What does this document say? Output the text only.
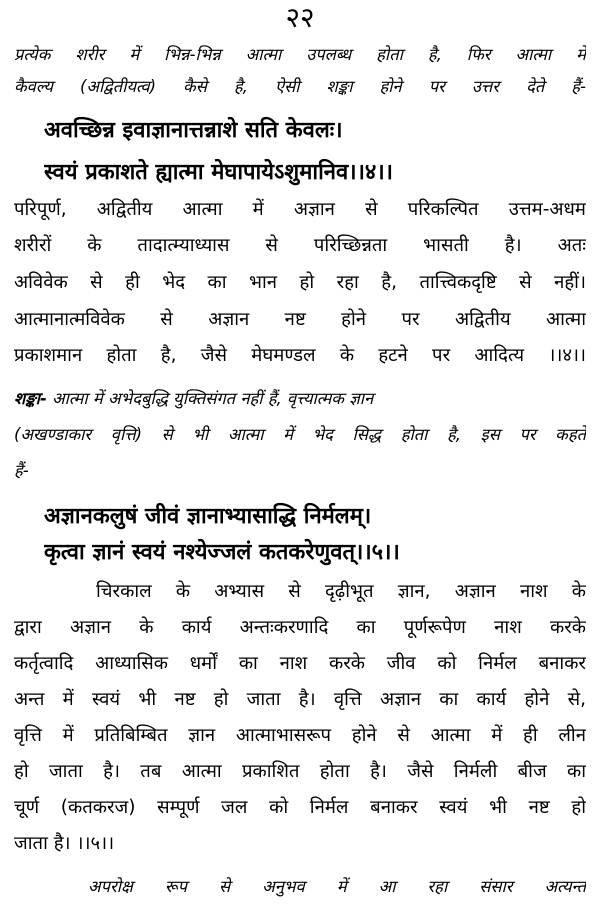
२२
प्रत्येक शरीर में भिन्न-भिन्न आत्मा उपलब्ध होता है, फिर आत्मा में
कैवल्य (अद्वितीयत्व) कैसे है, ऐसी शङ्का होने पर उत्तर देते हैं-
अवच्छिन्न इवाज्ञानात्तन्नाशे सति केवलः।
स्वयं प्रकाशते ह्यात्मा मेघापायेऽशुमानिव।।४।।
परिपूर्ण, अद्वितीय आत्मा में अज्ञान से परिकल्पित उत्तम-अधम
शरीरों के तादात्म्याध्यास से परिच्छिन्नता भासती है। अतः
अविवेक से ही भेद का भान हो रहा है, तात्त्विकदृष्टि से नहीं।
आत्मानात्मविवेक से अज्ञान नष्ट होने पर अद्वितीय आत्मा
प्रकाशमान होता है, जैसे मेघमण्डल के हटने पर आदित्य ।।४।।
शङ्का- आत्मा में अभेदबुद्धि युक्तिसंगत नहीं हैं, वृत्त्यात्मक ज्ञान
(अखण्डाकार वृत्ति) से भी आत्मा में भेद सिद्ध होता है, इस पर कहते
हैं-
अज्ञानकलुषं जीवं ज्ञानाभ्यासाद्धि निर्मलम्।
कृत्वा ज्ञानं स्वयं नश्येज्जलं कतकरेणुवत्।।५।।
चिरकाल के अभ्यास से दृढ़ीभूत ज्ञान, अज्ञान नाश के
द्वारा अज्ञान के कार्य अन्तःकरणादि का पूर्णरूपेण नाश करके
कर्तृत्वादि आध्यासिक धर्मों का नाश करके जीव को निर्मल बनाकर
अन्त में स्वयं भी नष्ट हो जाता है। वृत्ति अज्ञान का कार्य होने से,
वृत्ति में प्रतिबिम्बित ज्ञान आत्माभासरूप होने से आत्मा में ही लीन
हो जाता है। तब आत्मा प्रकाशित होता है। जैसे निर्मली बीज का
चूर्ण (कतकरज) सम्पूर्ण जल को निर्मल बनाकर स्वयं भी नष्ट हो
जाता है। ।।५।।
अपरोक्ष रूप से अनुभव में आ रहा संसार अत्यन्त
